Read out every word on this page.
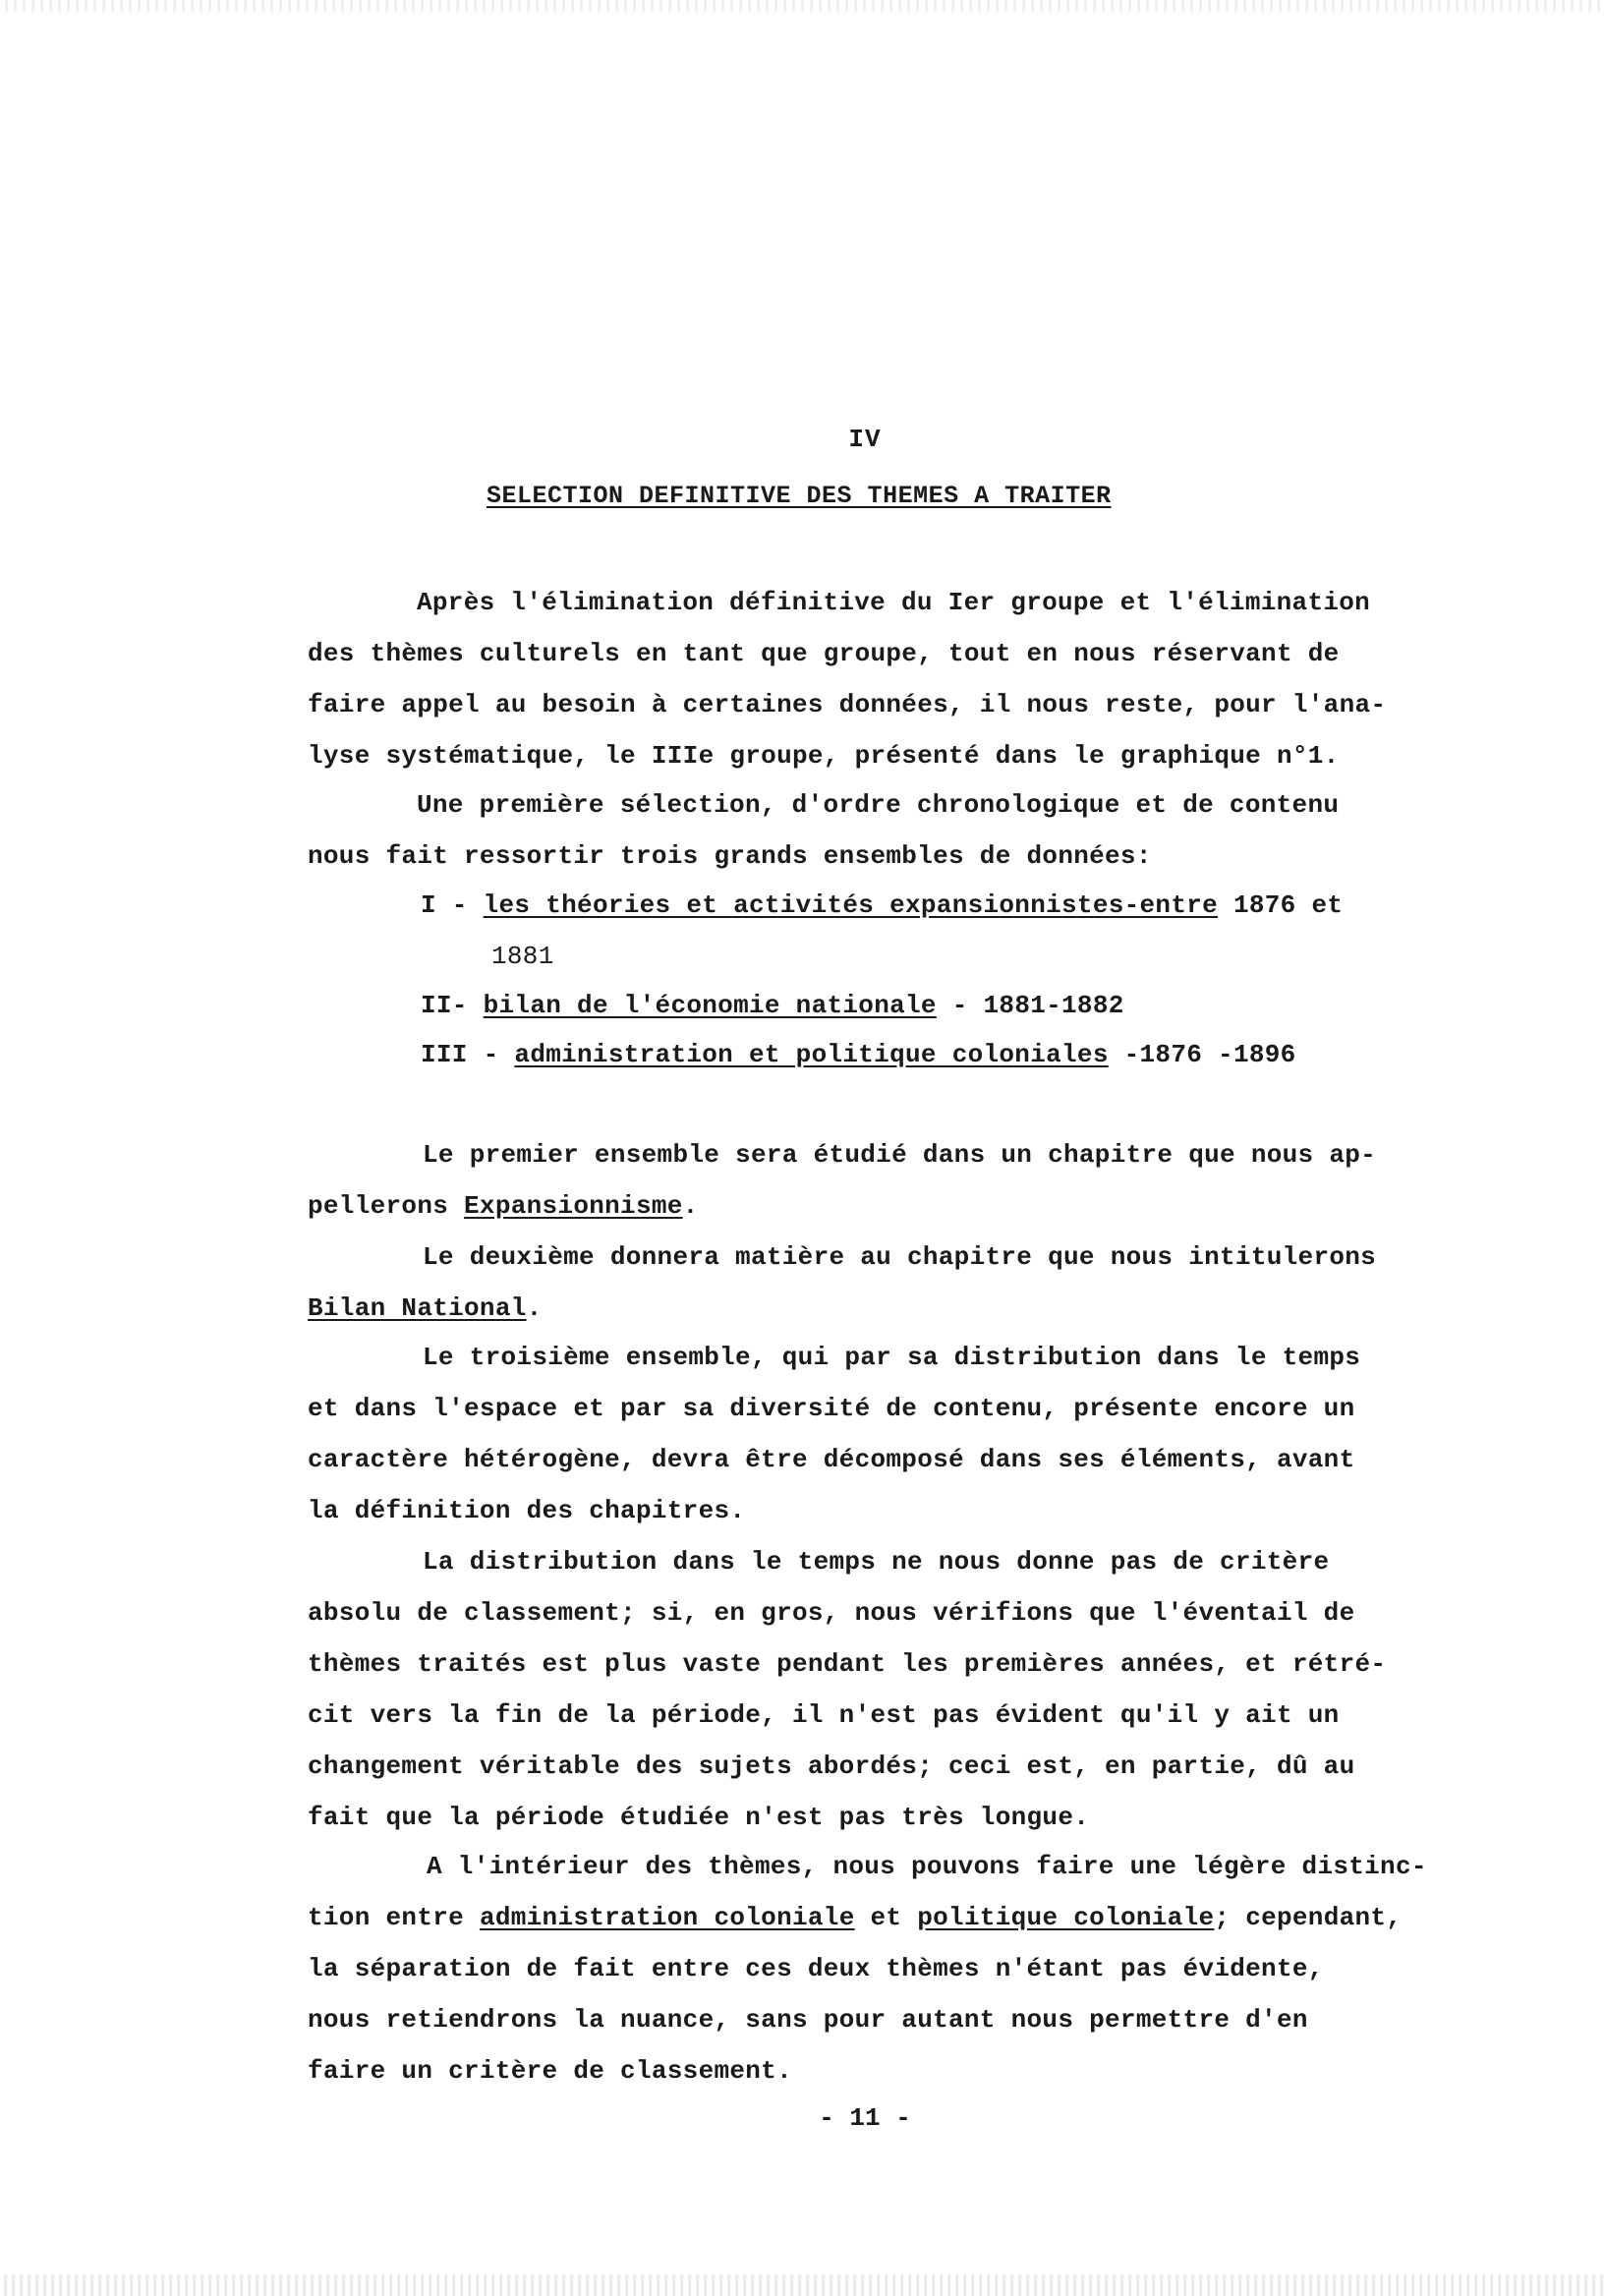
IV
SELECTION DEFINITIVE DES THEMES A TRAITER
Après l'élimination définitive du Ier groupe et l'élimination
des thèmes culturels en tant que groupe, tout en nous réservant de
faire appel au besoin à certaines données, il nous reste, pour l'ana-
lyse systématique, le IIIe groupe, présenté dans le graphique n°1.
Une première sélection, d'ordre chronologique et de contenu
nous fait ressortir trois grands ensembles de données:
I - les théories et activités expansionnistes-entre 1876 et
1881
II- bilan de l'économie nationale - 1881-1882
III - administration et politique coloniales -1876 -1896
Le premier ensemble sera étudié dans un chapitre que nous ap-
pellerons Expansionnisme.
Le deuxième donnera matière au chapitre que nous intitulerons
Bilan National.
Le troisième ensemble, qui par sa distribution dans le temps
et dans l'espace et par sa diversité de contenu, présente encore un
caractère hétérogène, devra être décomposé dans ses éléments, avant
la définition des chapitres.
La distribution dans le temps ne nous donne pas de critère
absolu de classement; si, en gros, nous vérifions que l'éventail de
thèmes traités est plus vaste pendant les premières années, et rétré-
cit vers la fin de la période, il n'est pas évident qu'il y ait un
changement véritable des sujets abordés; ceci est, en partie, dû au
fait que la période étudiée n'est pas très longue.
A l'intérieur des thèmes, nous pouvons faire une légère distinc-
tion entre administration coloniale et politique coloniale; cependant,
la séparation de fait entre ces deux thèmes n'étant pas évidente,
nous retiendrons la nuance, sans pour autant nous permettre d'en
faire un critère de classement.
- 11 -
